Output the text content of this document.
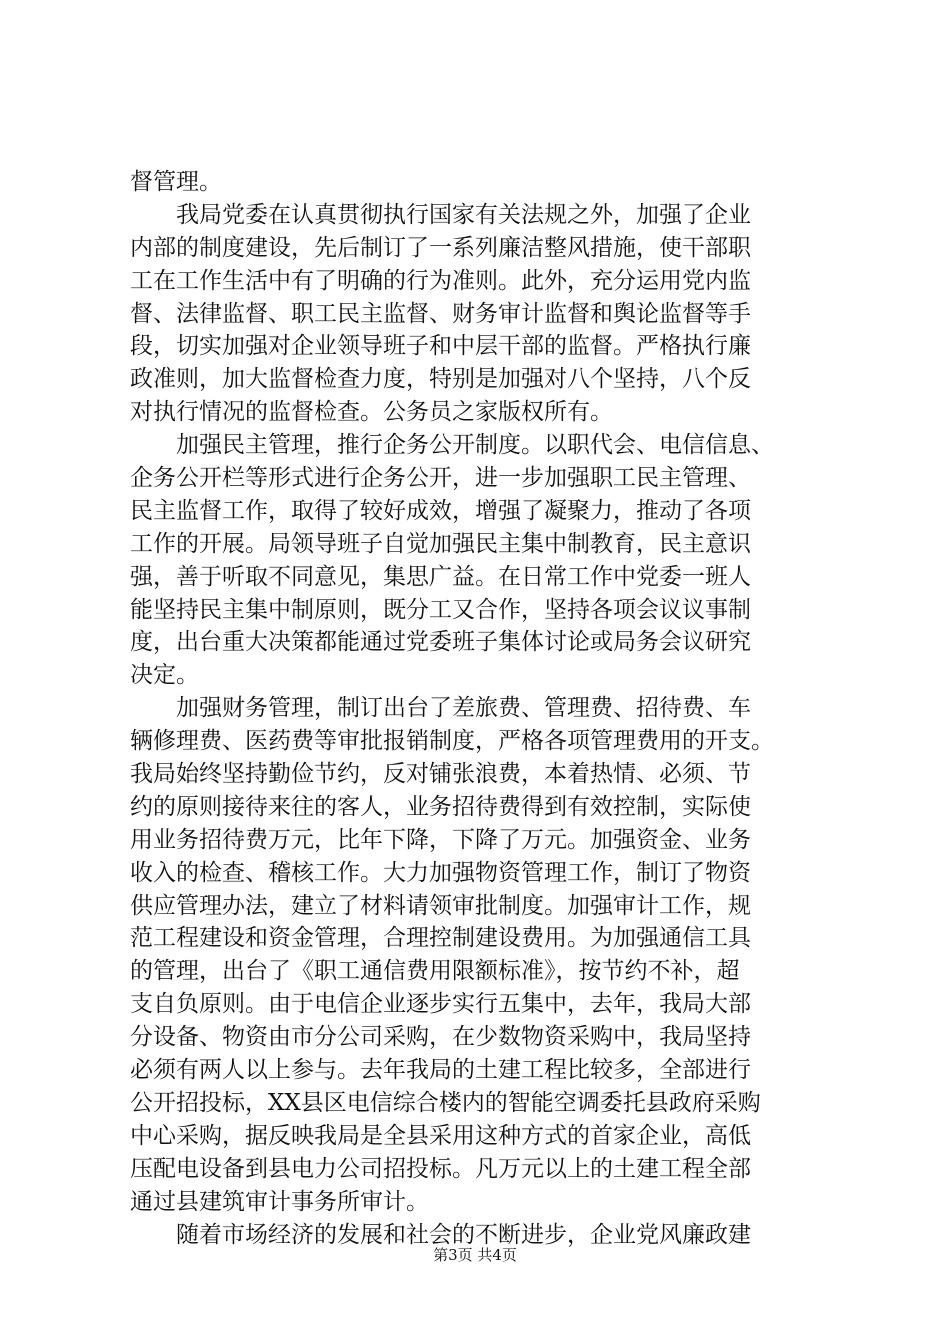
督管理。
我局党委在认真贯彻执行国家有关法规之外，加强了企业
内部的制度建设，先后制订了一系列廉洁整风措施，使干部职
工在工作生活中有了明确的行为准则。此外，充分运用党内监
督、法律监督、职工民主监督、财务审计监督和舆论监督等手
段，切实加强对企业领导班子和中层干部的监督。严格执行廉
政准则，加大监督检查力度，特别是加强对八个坚持，八个反
对执行情况的监督检查。公务员之家版权所有。
加强民主管理，推行企务公开制度。以职代会、电信信息、
企务公开栏等形式进行企务公开，进一步加强职工民主管理、
民主监督工作，取得了较好成效，增强了凝聚力，推动了各项
工作的开展。局领导班子自觉加强民主集中制教育，民主意识
强，善于听取不同意见，集思广益。在日常工作中党委一班人
能坚持民主集中制原则，既分工又合作，坚持各项会议议事制
度，出台重大决策都能通过党委班子集体讨论或局务会议研究
决定。
加强财务管理，制订出台了差旅费、管理费、招待费、车
辆修理费、医药费等审批报销制度，严格各项管理费用的开支。
我局始终坚持勤俭节约，反对铺张浪费，本着热情、必须、节
约的原则接待来往的客人，业务招待费得到有效控制，实际使
用业务招待费万元，比年下降，下降了万元。加强资金、业务
收入的检查、稽核工作。大力加强物资管理工作，制订了物资
供应管理办法，建立了材料请领审批制度。加强审计工作，规
范工程建设和资金管理，合理控制建设费用。为加强通信工具
的管理，出台了《职工通信费用限额标准》，按节约不补，超
支自负原则。由于电信企业逐步实行五集中，去年，我局大部
分设备、物资由市分公司采购，在少数物资采购中，我局坚持
必须有两人以上参与。去年我局的土建工程比较多，全部进行
公开招投标，XX县区电信综合楼内的智能空调委托县政府采购
中心采购，据反映我局是全县采用这种方式的首家企业，高低
压配电设备到县电力公司招投标。凡万元以上的土建工程全部
通过县建筑审计事务所审计。
随着市场经济的发展和社会的不断进步，企业党风廉政建
第3页 共4页
